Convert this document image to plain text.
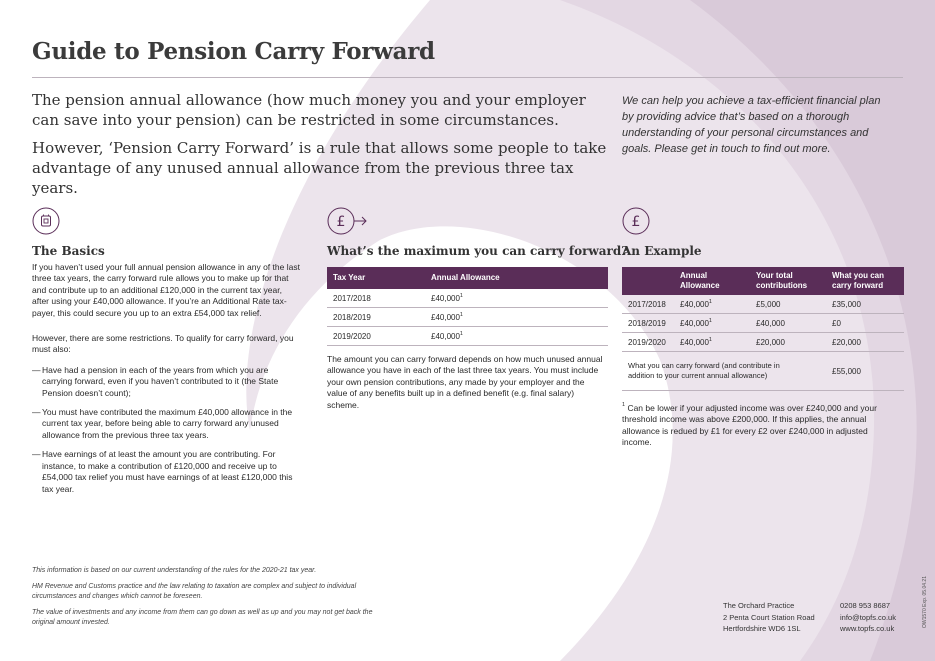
Guide to Pension Carry Forward

The pension annual allowance (how much money you and your employer can save into your pension) can be restricted in some circumstances.

However, ‘Pension Carry Forward’ is a rule that allows some people to take advantage of any unused annual allowance from the previous three tax years.

We can help you achieve a tax-efficient financial plan by providing advice that’s based on a thorough understanding of your personal circumstances and goals. Please get in touch to find out more.
The Basics

If you haven’t used your full annual pension allowance in any of the last three tax years, the carry forward rule allows you to make up for that and contribute up to an additional £120,000 in the current tax year, after using your £40,000 allowance. If you’re an Additional Rate tax-payer, this could secure you up to an extra £54,000 tax relief.

However, there are some restrictions. To qualify for carry forward, you must also:

— Have had a pension in each of the years from which you are carrying forward, even if you haven’t contributed to it (the State Pension doesn’t count);
— You must have contributed the maximum £40,000 allowance in the current tax year, before being able to carry forward any unused allowance from the previous three tax years.
— Have earnings of at least the amount you are contributing. For instance, to make a contribution of £120,000 and receive up to £54,000 tax relief you must have earnings of at least £120,000 this tax year.
£
What’s the maximum you can carry forward?
Tax Year	Annual Allowance
2017/2018	£40,000$^1$
2018/2019	£40,000$^1$
2019/2020	£40,000$^1$
The amount you can carry forward depends on how much unused annual allowance you have in each of the last three tax years. You must include your own pension contributions, any made by your employer and the value of any benefits built up in a defined benefit (e.g. final salary) scheme.
£
An Example
	Annual Allowance	Your total contributions	What you can carry forward
2017/2018	£40,000$^1$	£5,000	£35,000
2018/2019	£40,000$^1$	£40,000	£0
2019/2020	£40,000$^1$	£20,000	£20,000
What you can carry forward (and contribute in addition to your current annual allowance)			£55,000
$^1$ Can be lower if your adjusted income was over £240,000 and your threshold income was above £200,000. If this applies, the annual allowance is redued by £1 for every £2 over £240,000 in adjusted income.

This information is based on our current understanding of the rules for the 2020-21 tax year.

HM Revenue and Customs practice and the law relating to taxation are complex and subject to individual circumstances and changes which cannot be foreseen.

The value of investments and any income from them can go down as well as up and you may not get back the original amount invested.

The Orchard Practice
2 Penta Court Station Road
Hertfordshire WD6 1SL
0208 953 8687
info@topfs.co.uk
www.topfs.co.uk
OW1570 Exp. 05.04.21
